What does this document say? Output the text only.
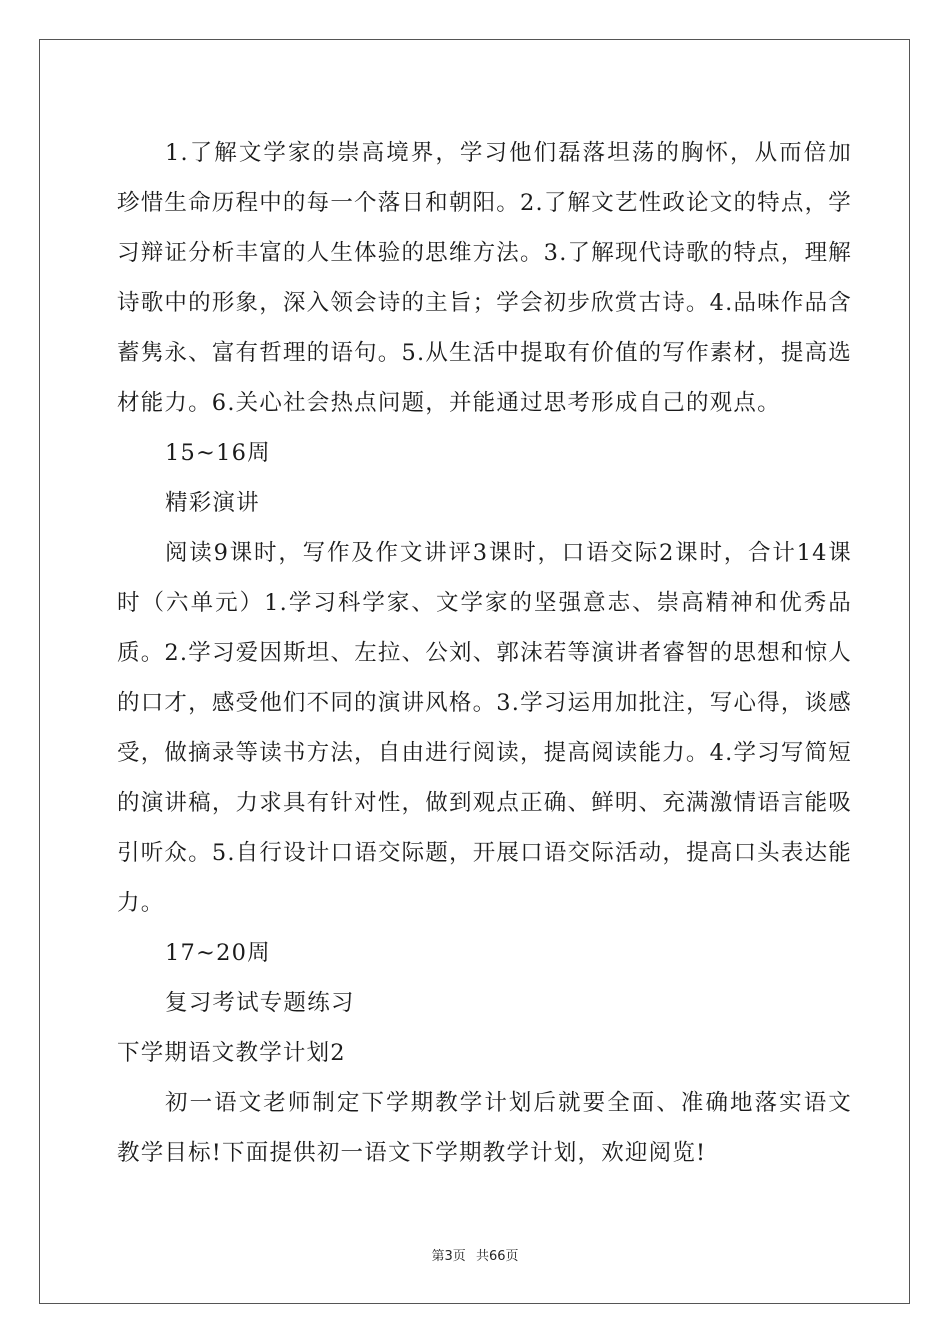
1.了解文学家的崇高境界，学习他们磊落坦荡的胸怀，从而倍加珍惜生命历程中的每一个落日和朝阳。2.了解文艺性政论文的特点，学习辩证分析丰富的人生体验的思维方法。3.了解现代诗歌的特点，理解诗歌中的形象，深入领会诗的主旨；学会初步欣赏古诗。4.品味作品含蓄隽永、富有哲理的语句。5.从生活中提取有价值的写作素材，提高选材能力。6.关心社会热点问题，并能通过思考形成自己的观点。

15~16周

精彩演讲

阅读9课时，写作及作文讲评3课时，口语交际2课时，合计14课时（六单元）1.学习科学家、文学家的坚强意志、崇高精神和优秀品质。2.学习爱因斯坦、左拉、公刘、郭沫若等演讲者睿智的思想和惊人的口才，感受他们不同的演讲风格。3.学习运用加批注，写心得，谈感受，做摘录等读书方法，自由进行阅读，提高阅读能力。4.学习写简短的演讲稿，力求具有针对性，做到观点正确、鲜明、充满激情语言能吸引听众。5.自行设计口语交际题，开展口语交际活动，提高口头表达能力。

17~20周

复习考试专题练习

下学期语文教学计划2

初一语文老师制定下学期教学计划后就要全面、准确地落实语文教学目标!下面提供初一语文下学期教学计划，欢迎阅览!

第3页 共66页
